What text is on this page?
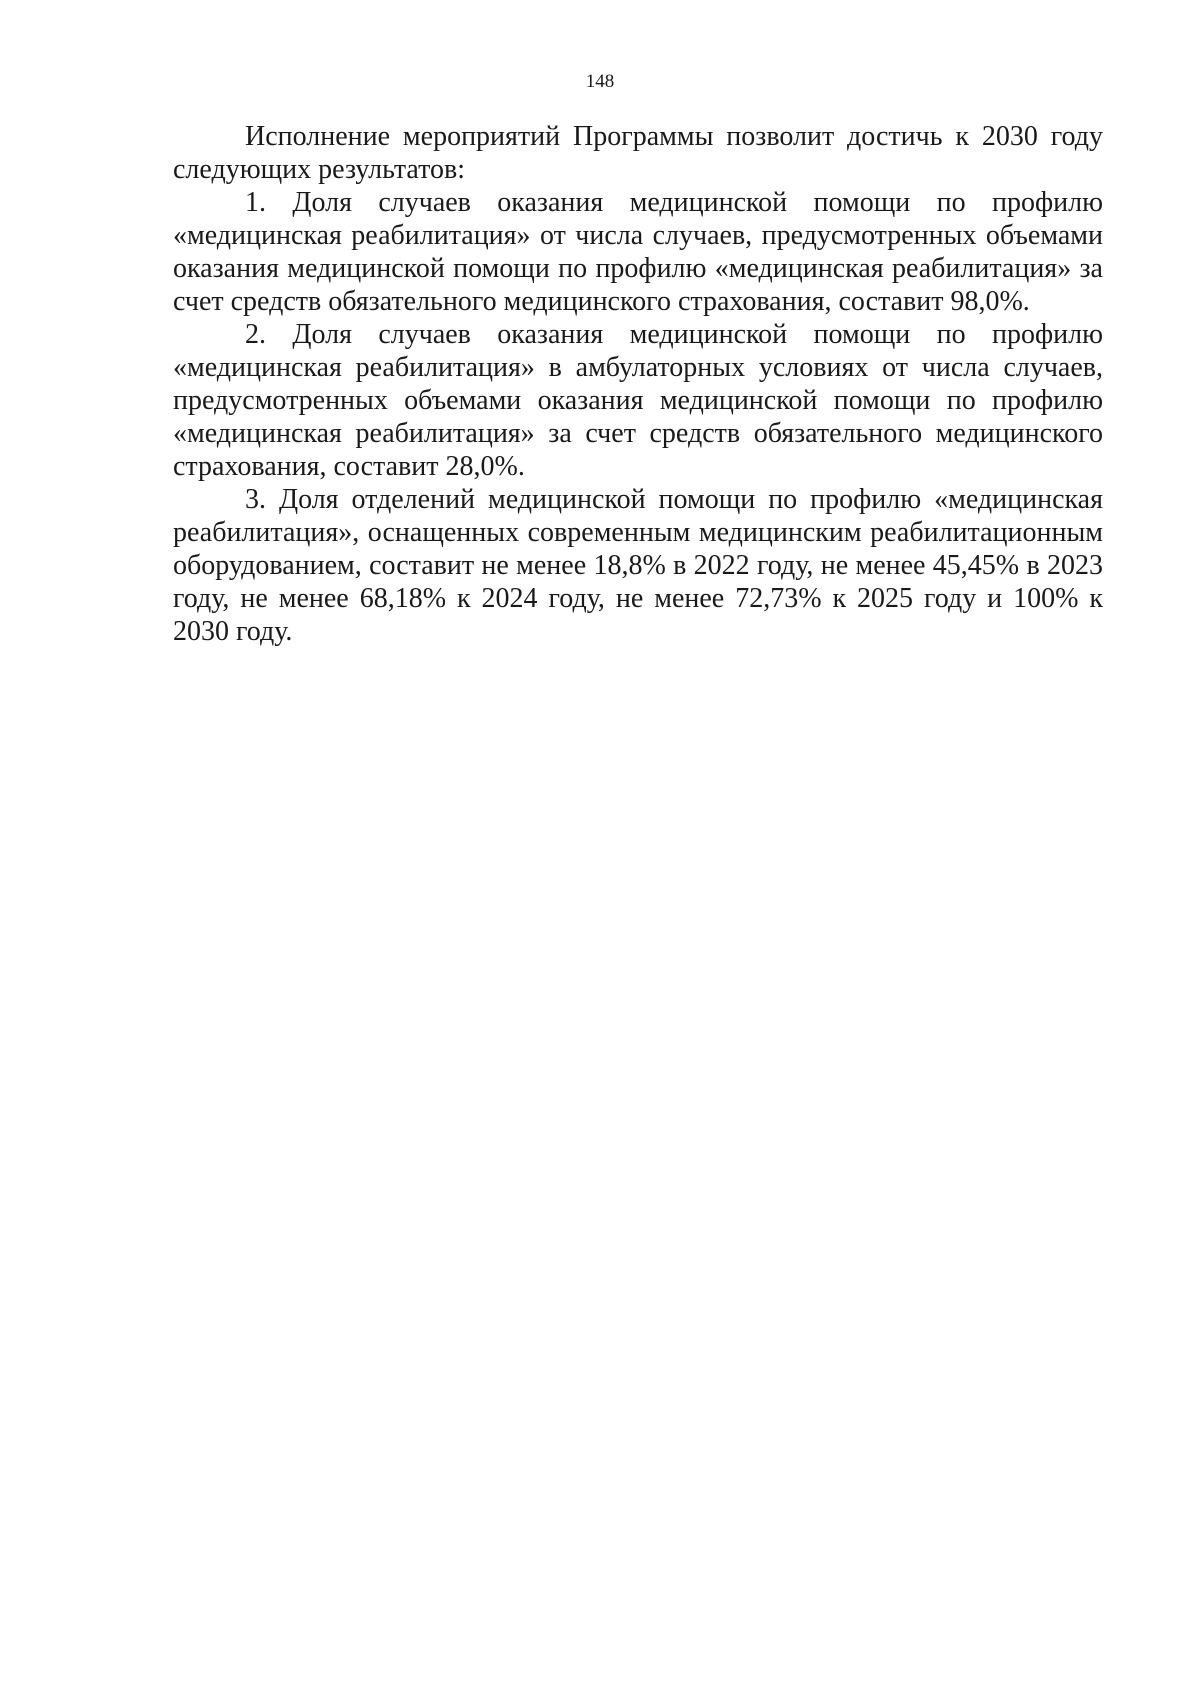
148

Исполнение мероприятий Программы позволит достичь к 2030 году следующих результатов:

1. Доля случаев оказания медицинской помощи по профилю «медицинская реабилитация» от числа случаев, предусмотренных объемами оказания медицинской помощи по профилю «медицинская реабилитация» за счет средств обязательного медицинского страхования, составит 98,0%.

2. Доля случаев оказания медицинской помощи по профилю «медицинская реабилитация» в амбулаторных условиях от числа случаев, предусмотренных объемами оказания медицинской помощи по профилю «медицинская реабилитация» за счет средств обязательного медицинского страхования, составит 28,0%.

3. Доля отделений медицинской помощи по профилю «медицинская реабилитация», оснащенных современным медицинским реабилитационным оборудованием, составит не менее 18,8% в 2022 году, не менее 45,45% в 2023 году, не менее 68,18% к 2024 году, не менее 72,73% к 2025 году и 100% к 2030 году.
